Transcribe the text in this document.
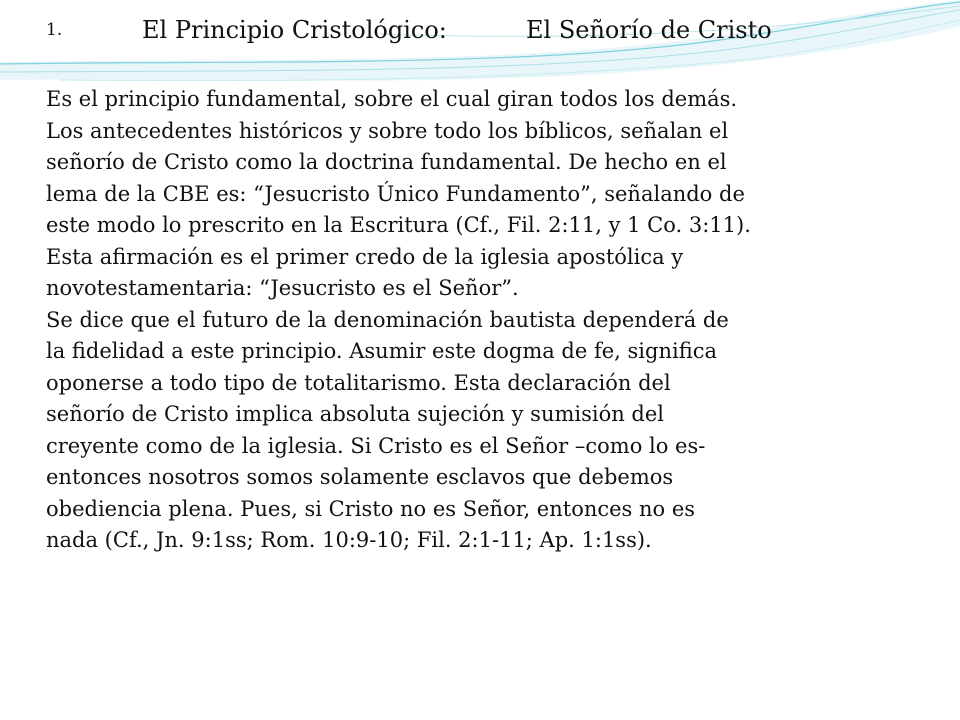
1.	El Principio Cristológico:	El Señorío de Cristo
Es el principio fundamental, sobre el cual giran todos los demás.
Los antecedentes históricos y sobre todo los bíblicos, señalan el
señorío de Cristo como la doctrina fundamental. De hecho en el
lema de la CBE es: “Jesucristo Único Fundamento”, señalando de
este modo lo prescrito en la Escritura (Cf., Fil. 2:11, y 1 Co. 3:11).
Esta afirmación es el primer credo de la iglesia apostólica y
novotestamentaria: “Jesucristo es el Señor”.
Se dice que el futuro de la denominación bautista dependerá de
la fidelidad a este principio. Asumir este dogma de fe, significa
oponerse a todo tipo de totalitarismo. Esta declaración del
señorío de Cristo implica absoluta sujeción y sumisión del
creyente como de la iglesia. Si Cristo es el Señor –como lo es-
entonces nosotros somos solamente esclavos que debemos
obediencia plena. Pues, si Cristo no es Señor, entonces no es
nada (Cf., Jn. 9:1ss; Rom. 10:9-10; Fil. 2:1-11; Ap. 1:1ss).
